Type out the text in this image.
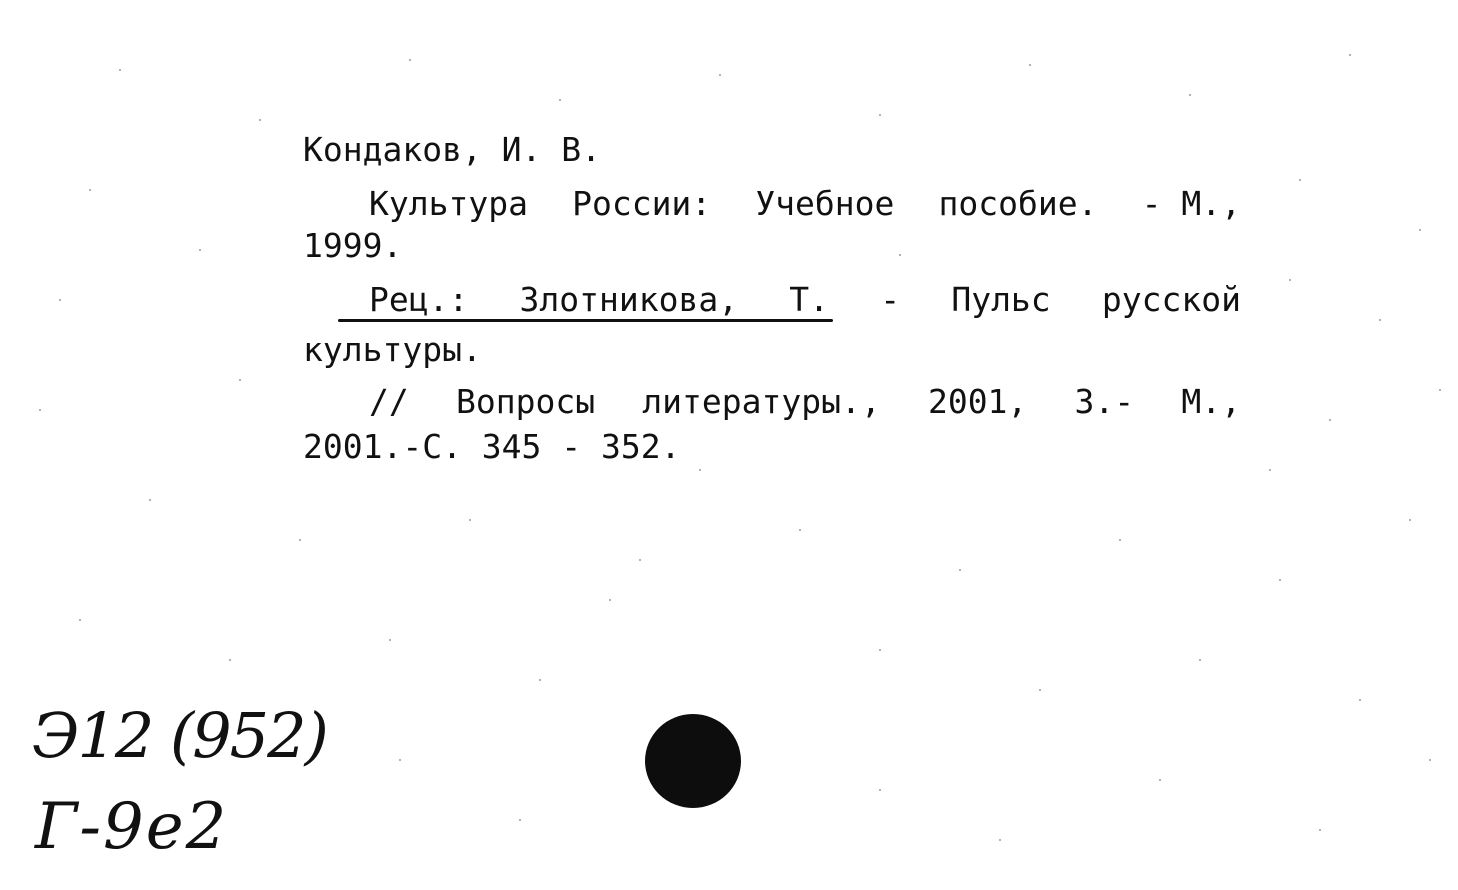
Кондаков, И. В.
Культура России: Учебное пособие. - М.,
1999.
Рец.: Злотникова, Т. - Пульс русской
культуры.
// Вопросы литературы., 2001, 3.- М.,
2001.-С. 345 - 352.
Э12 (952)
Г-9е2
